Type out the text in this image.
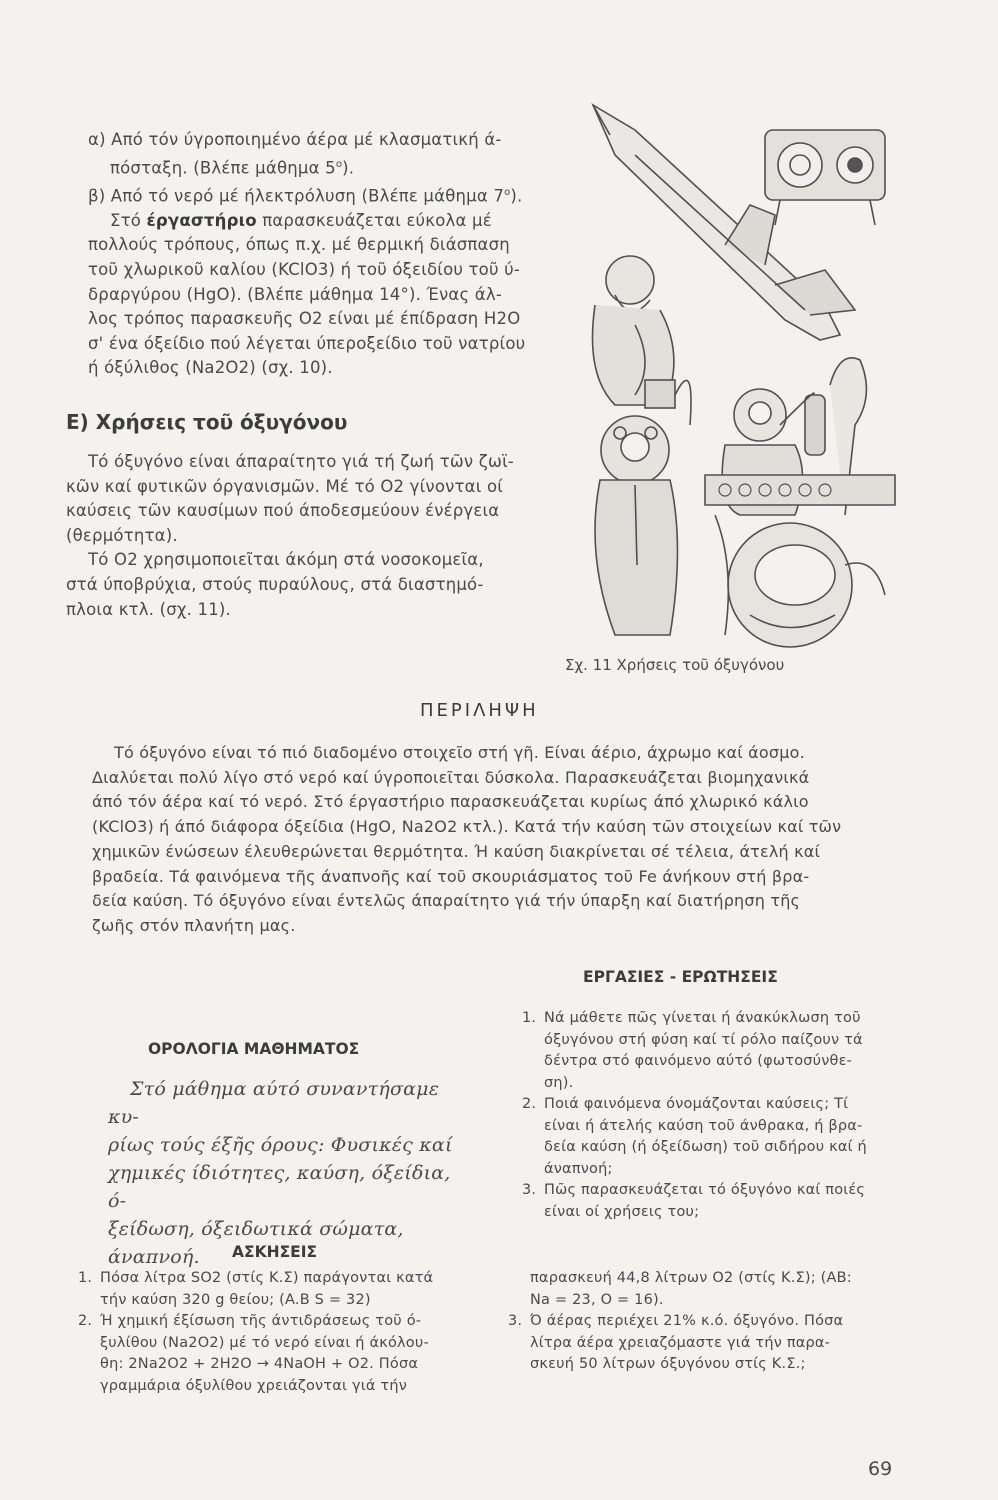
α) Από τόν ύγροποιημένο άέρα μέ κλασματική ά-

πόσταξη. (Βλέπε μάθημα $5^o$).

β) Από τό νερό μέ ήλεκτρόλυση (Βλέπε μάθημα $7^o$).

Στό έργαστήριο παρασκευάζεται εύκολα μέ

πολλούς τρόπους, όπως π.χ. μέ θερμική διάσπαση

τοῦ χλωρικοῦ καλίου (KClO3) ή τοῦ όξειδίου τοῦ ύ-

δραργύρου (HgO). (Βλέπε μάθημα 14°). Ένας άλ-

λος τρόπος παρασκευῆς O2 είναι μέ έπίδραση H2O

σ' ένα όξείδιο πού λέγεται ύπεροξείδιο τοῦ νατρίου

ή όξύλιθος (Na2O2) (σχ. 10).

Ε) Χρήσεις τοῦ όξυγόνου

Τό όξυγόνο είναι άπαραίτητο γιά τή ζωή τῶν ζωϊ-

κῶν καί φυτικῶν όργανισμῶν. Μέ τό O2 γίνονται οί

καύσεις τῶν καυσίμων πού άποδεσμεύουν ένέργεια

(θερμότητα).

Τό O2 χρησιμοποιεῖται άκόμη στά νοσοκομεῖα,

στά ύποβρύχια, στούς πυραύλους, στά διαστημό-

πλοια κτλ. (σχ. 11).

Σχ. 11 Χρήσεις τοῦ όξυγόνου
ΠΕΡΙΛΗΨΗ

Τό όξυγόνο είναι τό πιό διαδομένο στοιχεῖο στή γῆ. Είναι άέριο, άχρωμο καί άοσμο.

Διαλύεται πολύ λίγο στό νερό καί ύγροποιεῖται δύσκολα. Παρασκευάζεται βιομηχανικά

άπό τόν άέρα καί τό νερό. Στό έργαστήριο παρασκευάζεται κυρίως άπό χλωρικό κάλιο

(KClO3) ή άπό διάφορα όξείδια (HgO, Na2O2 κτλ.). Κατά τήν καύση τῶν στοιχείων καί τῶν

χημικῶν ένώσεων έλευθερώνεται θερμότητα. Ή καύση διακρίνεται σέ τέλεια, άτελή καί

βραδεία. Τά φαινόμενα τῆς άναπνοῆς καί τοῦ σκουριάσματος τοῦ Fe άνήκουν στή βρα-

δεία καύση. Τό όξυγόνο είναι έντελῶς άπαραίτητο γιά τήν ύπαρξη καί διατήρηση τῆς

ζωῆς στόν πλανήτη μας.

ΟΡΟΛΟΓΙΑ ΜΑΘΗΜΑΤΟΣ

Στό μάθημα αύτό συναντήσαμε κυ-

ρίως τούς έξῆς όρους: Φυσικές καί

χημικές ίδιότητες, καύση, όξείδια, ό-

ξείδωση, όξειδωτικά σώματα, άναπνοή.	ΑΣΚΗΣΕΙΣ
1. Πόσα λίτρα SO2 (στίς Κ.Σ) παράγονται κατά
τήν καύση 320 g θείου; (A.B S = 32)
2. Ή χημική έξίσωση τῆς άντιδράσεως τοῦ ό-
ξυλίθου (Na2O2) μέ τό νερό είναι ή άκόλου-
θη: 2Na2O2 + 2H2O → 4NaOH + O2. Πόσα
γραμμάρια όξυλίθου χρειάζονται γιά τήν
ΕΡΓΑΣΙΕΣ - ΕΡΩΤΗΣΕΙΣ
1. Νά μάθετε πῶς γίνεται ή άνακύκλωση τοῦ
όξυγόνου στή φύση καί τί ρόλο παίζουν τά
δέντρα στό φαινόμενο αύτό (φωτοσύνθε-
ση).
2. Ποιά φαινόμενα όνομάζονται καύσεις; Τί
είναι ή άτελής καύση τοῦ άνθρακα, ή βρα-
δεία καύση (ή όξείδωση) τοῦ σιδήρου καί ή
άναπνοή;
3. Πῶς παρασκευάζεται τό όξυγόνο καί ποιές
είναι οί χρήσεις του;
παρασκευή 44,8 λίτρων O2 (στίς Κ.Σ); (AB:
Na = 23, O = 16).
3. Ό άέρας περιέχει 21% κ.ό. όξυγόνο. Πόσα
λίτρα άέρα χρειαζόμαστε γιά τήν παρα-
σκευή 50 λίτρων όξυγόνου στίς Κ.Σ.;
69
